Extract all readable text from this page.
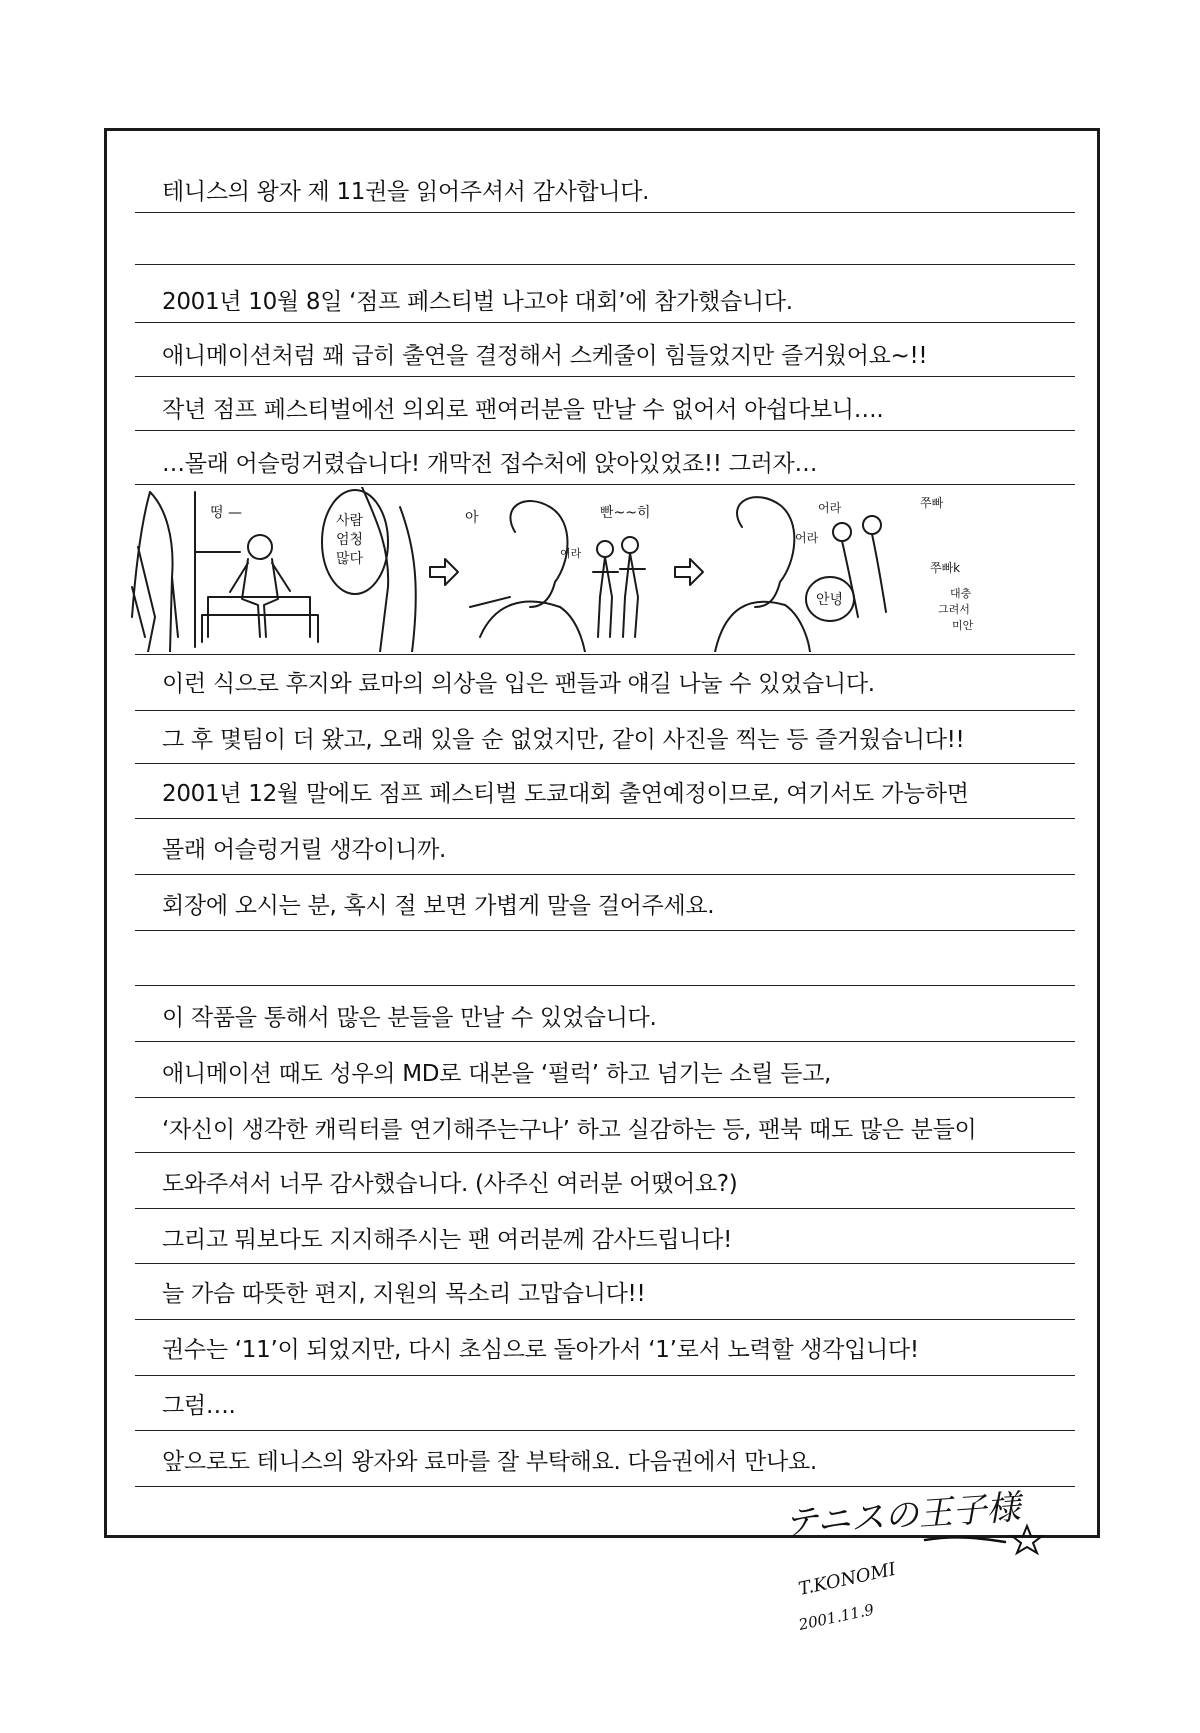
테니스의 왕자 제 11권을 읽어주셔서 감사합니다.
2001년 10월 8일 ‘점프 페스티벌 나고야 대회’에 참가했습니다.
애니메이션처럼 꽤 급히 출연을 결정해서 스케줄이 힘들었지만 즐거웠어요~!!
작년 점프 페스티벌에선 의외로 팬여러분을 만날 수 없어서 아쉽다보니….
…몰래 어슬렁거렸습니다! 개막전 접수처에 앉아있었죠!! 그러자…
이런 식으로 후지와 료마의 의상을 입은 팬들과 얘길 나눌 수 있었습니다.
그 후 몇팀이 더 왔고, 오래 있을 순 없었지만, 같이 사진을 찍는 등 즐거웠습니다!!
2001년 12월 말에도 점프 페스티벌 도쿄대회 출연예정이므로, 여기서도 가능하면
몰래 어슬렁거릴 생각이니까.
회장에 오시는 분, 혹시 절 보면 가볍게 말을 걸어주세요.
이 작품을 통해서 많은 분들을 만날 수 있었습니다.
애니메이션 때도 성우의 MD로 대본을 ‘펄럭’ 하고 넘기는 소릴 듣고,
‘자신이 생각한 캐릭터를 연기해주는구나’ 하고 실감하는 등, 팬북 때도 많은 분들이
도와주셔서 너무 감사했습니다. (사주신 여러분 어땠어요?)
그리고 뭐보다도 지지해주시는 팬 여러분께 감사드립니다!
늘 가슴 따뜻한 편지, 지원의 목소리 고맙습니다!!
권수는 ‘11’이 되었지만, 다시 초심으로 돌아가서 ‘1’로서 노력할 생각입니다!
그럼….
앞으로도 테니스의 왕자와 료마를 잘 부탁해요. 다음권에서 만나요.
사람
엄청
많다
떵 —	아	빤~~히
어라
어라
어라
쭈빠
쭈빠k
안녕	대충
그려서
미안
テニスの王子様
T.KONOMI
2001.11.9
